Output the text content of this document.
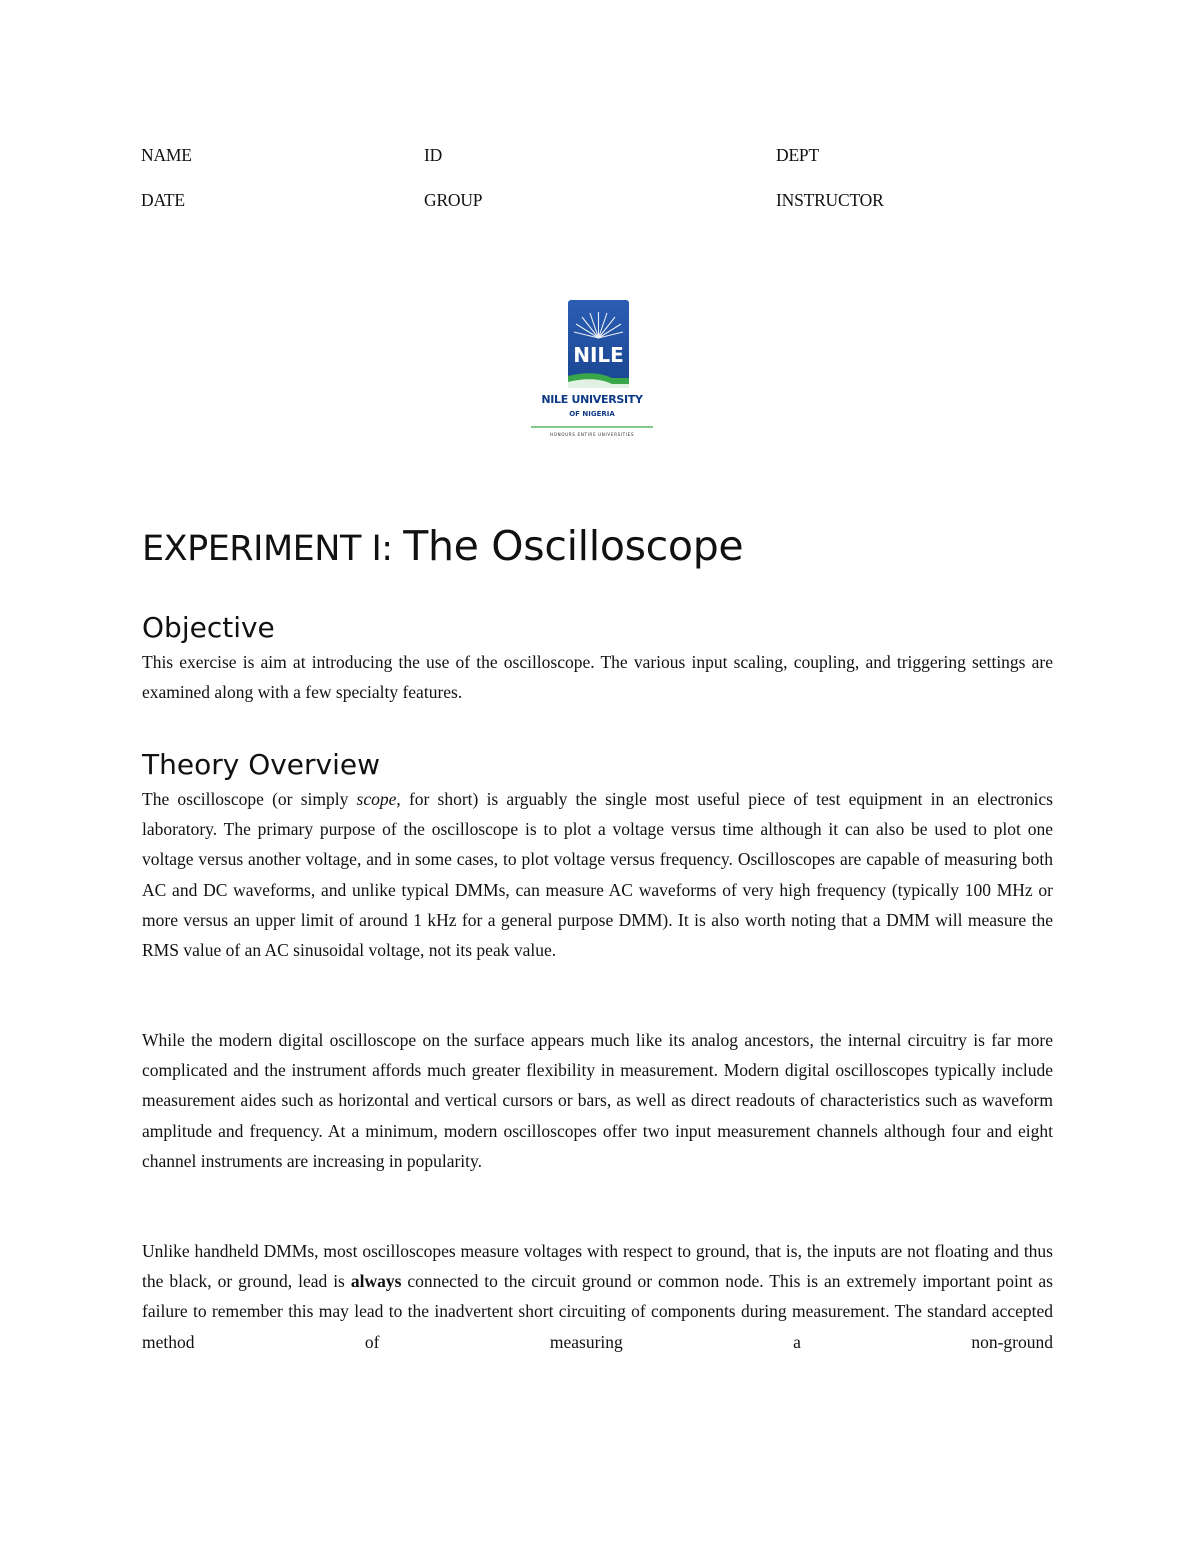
NAME	ID	DEPT
DATE	GROUP	INSTRUCTOR
NILE
NILE UNIVERSITY
OF NIGERIA
HONOURS ENTIRE UNIVERSITIES
EXPERIMENT I: The Oscilloscope
Objective

This exercise is aim at introducing the use of the oscilloscope. The various input scaling, coupling, and triggering settings are examined along with a few specialty features.

Theory Overview

The oscilloscope (or simply scope, for short) is arguably the single most useful piece of test equipment in an electronics laboratory. The primary purpose of the oscilloscope is to plot a voltage versus time although it can also be used to plot one voltage versus another voltage, and in some cases, to plot voltage versus frequency. Oscilloscopes are capable of measuring both AC and DC waveforms, and unlike typical DMMs, can measure AC waveforms of very high frequency (typically 100 MHz or more versus an upper limit of around 1 kHz for a general purpose DMM). It is also worth noting that a DMM will measure the RMS value of an AC sinusoidal voltage, not its peak value.

While the modern digital oscilloscope on the surface appears much like its analog ancestors, the internal circuitry is far more complicated and the instrument affords much greater flexibility in measurement. Modern digital oscilloscopes typically include measurement aides such as horizontal and vertical cursors or bars, as well as direct readouts of characteristics such as waveform amplitude and frequency. At a minimum, modern oscilloscopes offer two input measurement channels although four and eight channel instruments are increasing in popularity.

Unlike handheld DMMs, most oscilloscopes measure voltages with respect to ground, that is, the inputs are not floating and thus the black, or ground, lead is always connected to the circuit ground or common node. This is an extremely important point as failure to remember this may lead to the inadvertent short circuiting of components during measurement. The standard accepted method of measuring a non-ground
